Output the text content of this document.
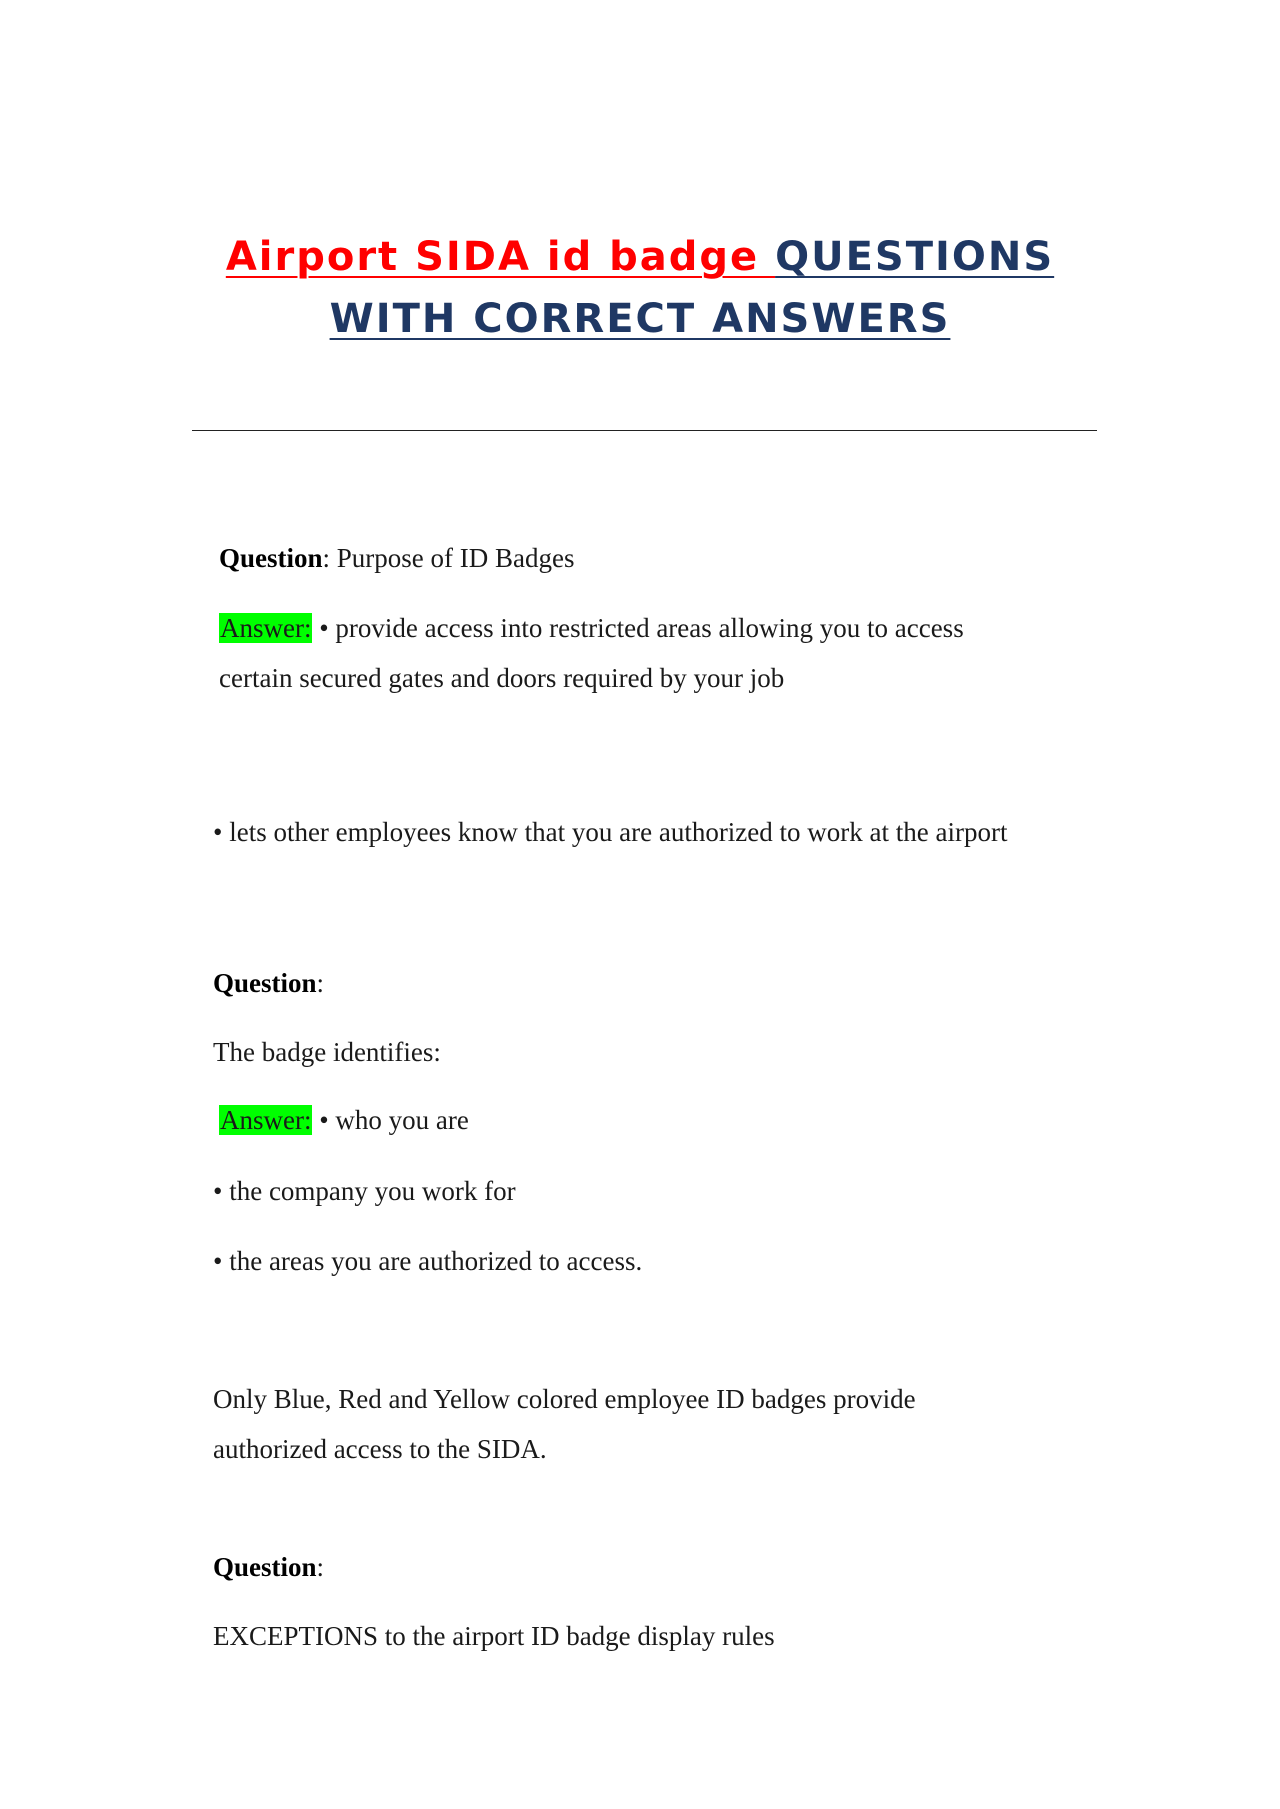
Airport SIDA id badge QUESTIONS
WITH CORRECT ANSWERS

Question: Purpose of ID Badges

Answer: • provide access into restricted areas allowing you to access

certain secured gates and doors required by your job

• lets other employees know that you are authorized to work at the airport

Question:

The badge identifies:

Answer: • who you are

• the company you work for

• the areas you are authorized to access.

Only Blue, Red and Yellow colored employee ID badges provide

authorized access to the SIDA.

Question:

EXCEPTIONS to the airport ID badge display rules
